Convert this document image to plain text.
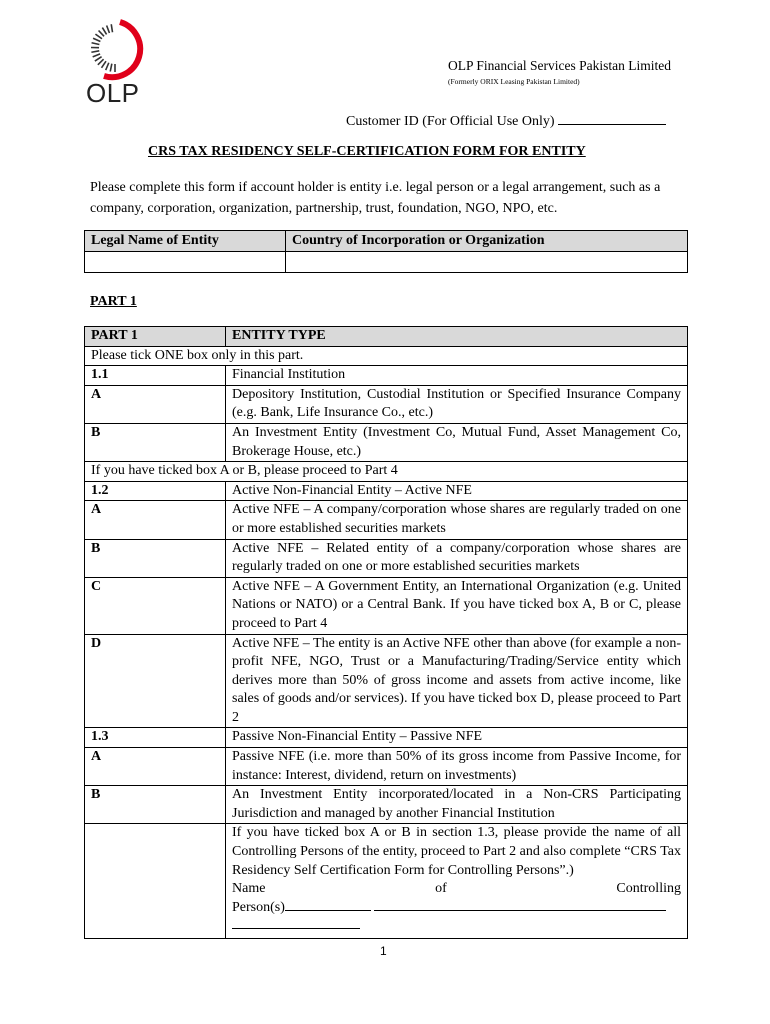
OLP
OLP Financial Services Pakistan Limited
(Formerly ORIX Leasing Pakistan Limited)
Customer ID (For Official Use Only)
CRS TAX RESIDENCY SELF-CERTIFICATION FORM FOR ENTITY
Please complete this form if account holder is entity i.e. legal person or a legal arrangement, such as a company, corporation, organization, partnership, trust, foundation, NGO, NPO, etc.
Legal Name of Entity	Country of Incorporation or Organization

PART 1
PART 1	ENTITY TYPE
Please tick ONE box only in this part.	
1.1	Financial Institution
A	Depository Institution, Custodial Institution or Specified Insurance Company (e.g. Bank, Life Insurance Co., etc.)
B	An Investment Entity (Investment Co, Mutual Fund, Asset Management Co, Brokerage House, etc.)
If you have ticked box A or B, please proceed to Part 4	
1.2	Active Non-Financial Entity – Active NFE
A	Active NFE – A company/corporation whose shares are regularly traded on one or more established securities markets
B	Active NFE – Related entity of a company/corporation whose shares are regularly traded on one or more established securities markets
C	Active NFE – A Government Entity, an International Organization (e.g. United Nations or NATO) or a Central Bank. If you have ticked box A, B or C, please proceed to Part 4
D	Active NFE – The entity is an Active NFE other than above (for example a non-profit NFE, NGO, Trust or a Manufacturing/Trading/Service entity which derives more than 50% of gross income and assets from active income, like sales of goods and/or services). If you have ticked box D, please proceed to Part 2
1.3	Passive Non-Financial Entity – Passive NFE
A	Passive NFE (i.e. more than 50% of its gross income from Passive Income, for instance: Interest, dividend, return on investments)
B	An Investment Entity incorporated/located in a Non-CRS Participating Jurisdiction and managed by another Financial Institution

	If you have ticked box A or B in section 1.3, please provide the name of all Controlling Persons of the entity, proceed to Part 2 and also complete “CRS Tax Residency Self Certification Form for Controlling Persons”.)
Name of Controlling
Person(s)
1
